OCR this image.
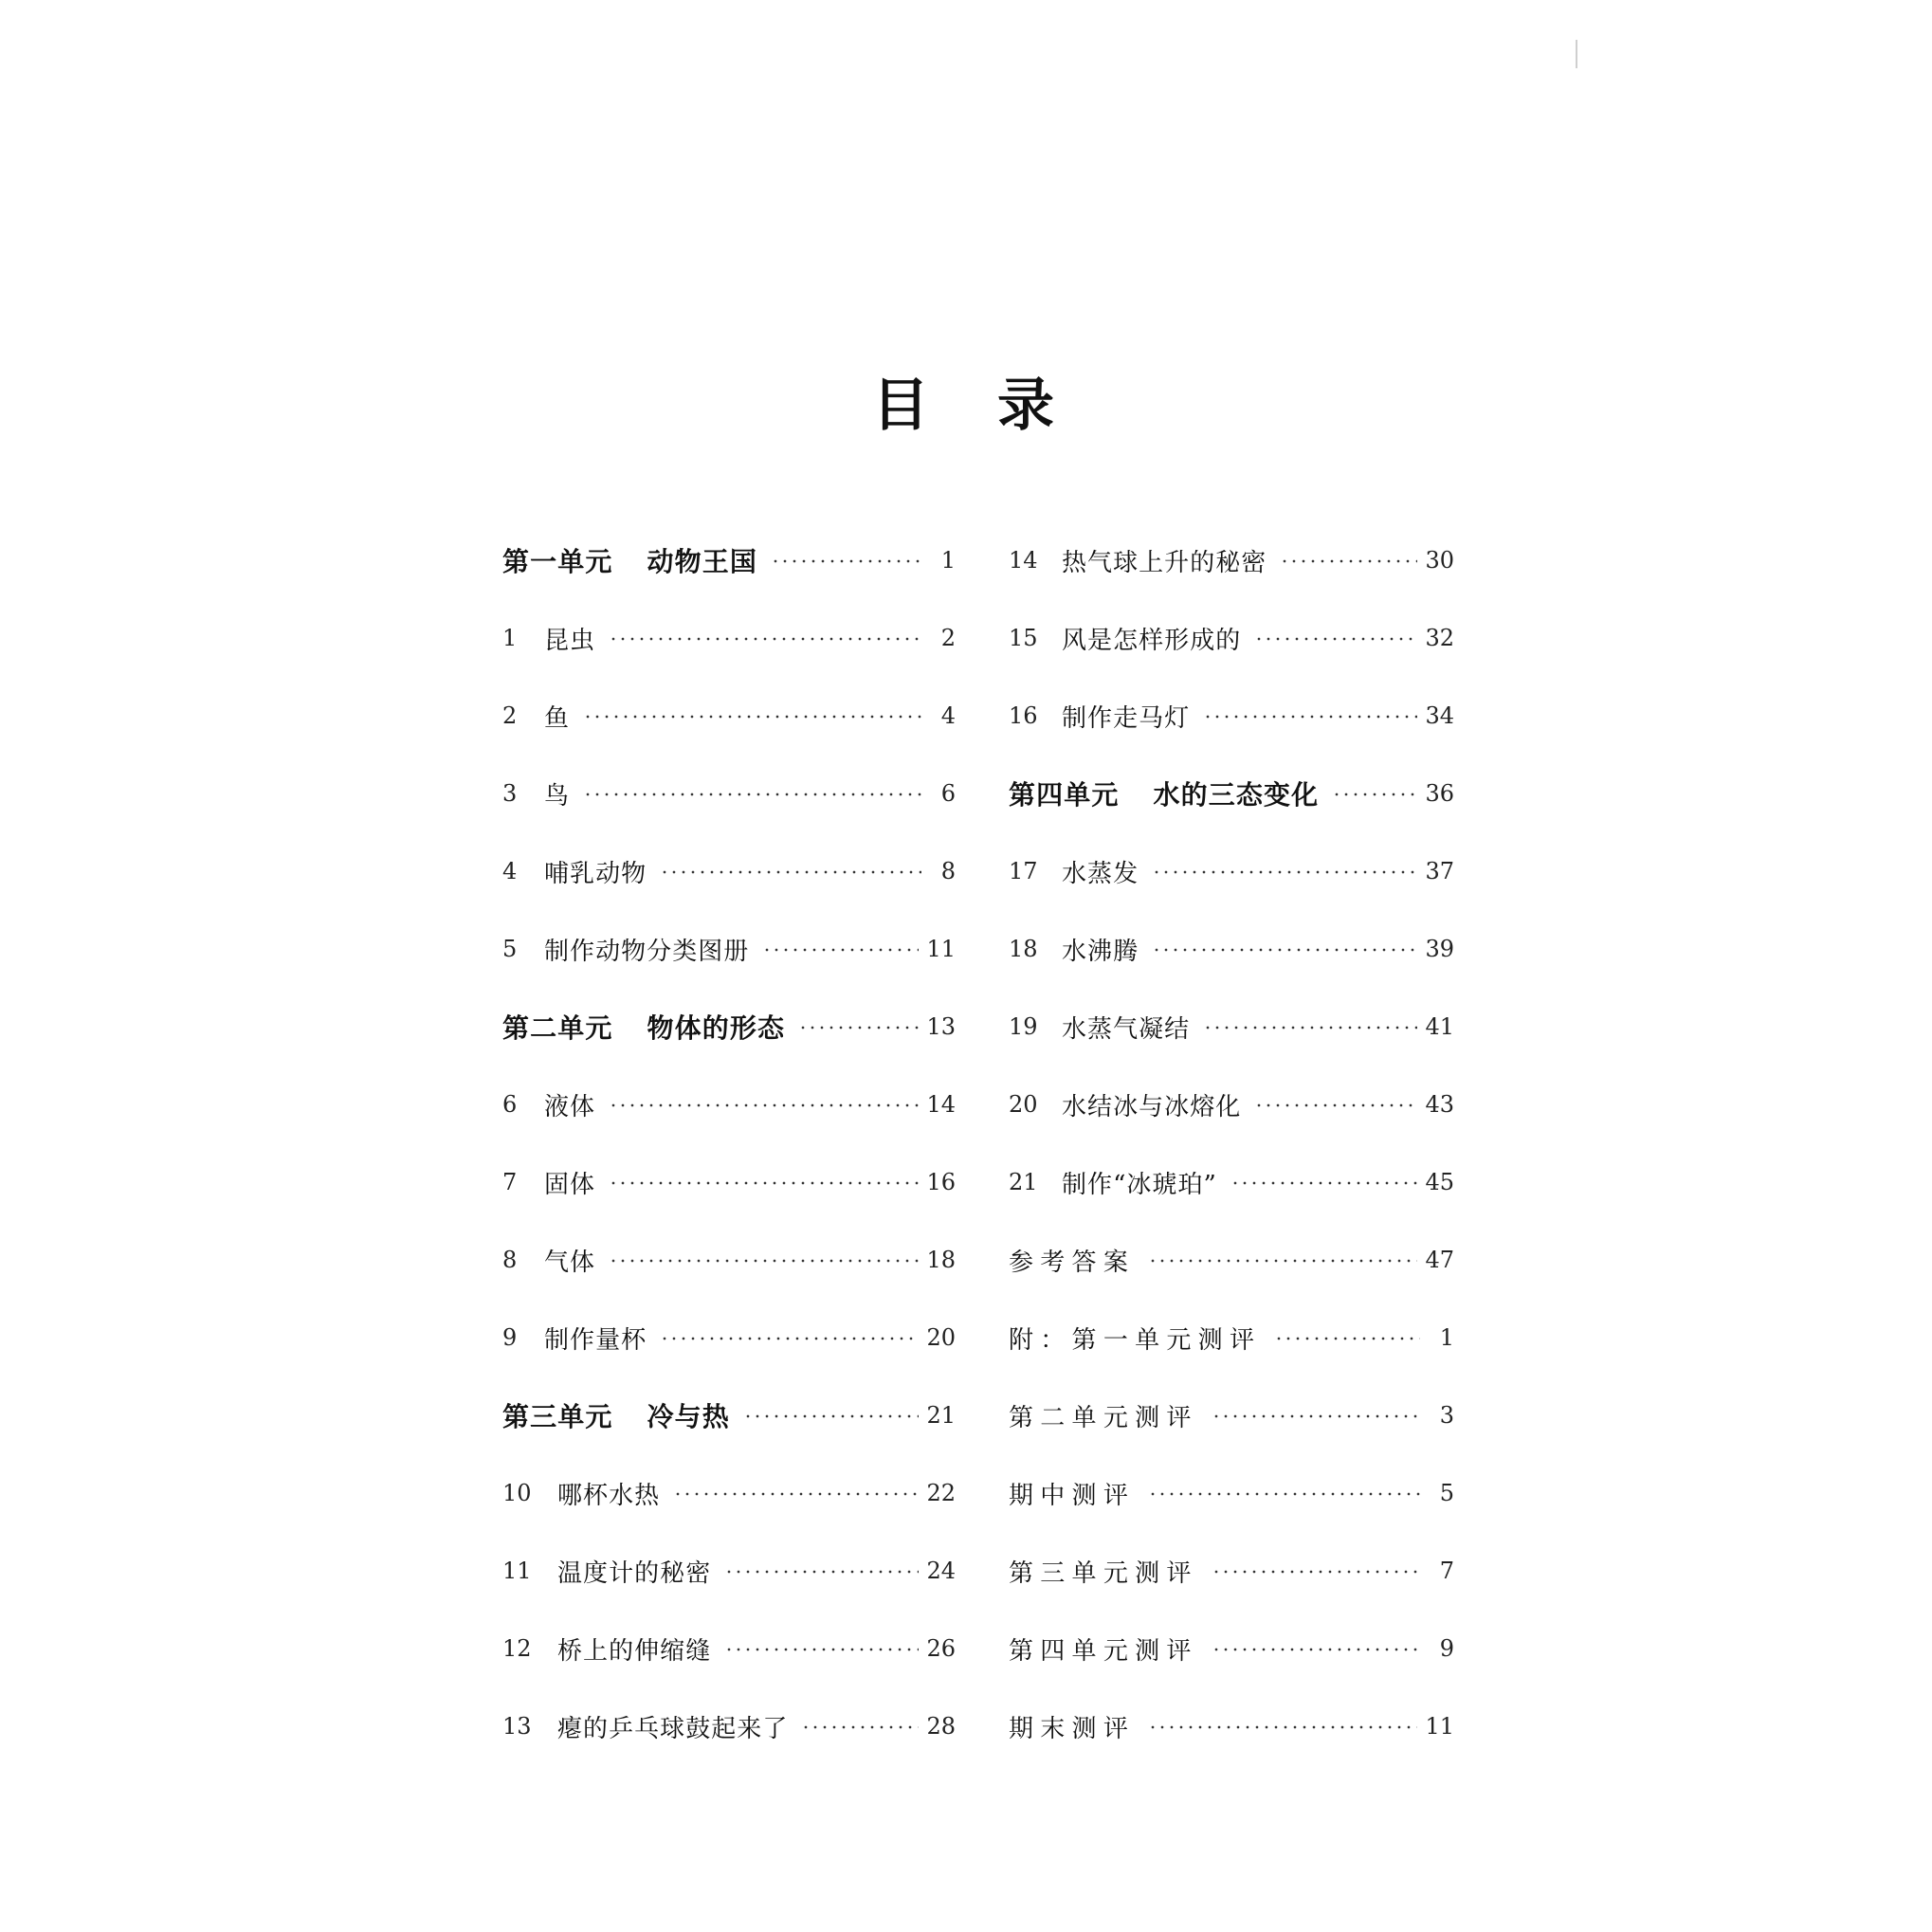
目　录
第一单元 动物王国	1
1	昆虫	2
2	鱼	4
3	鸟	6
4	哺乳动物	8
5	制作动物分类图册	11
第二单元 物体的形态	13
6	液体	14
7	固体	16
8	气体	18
9	制作量杯	20
第三单元 冷与热	21
10	哪杯水热	22
11	温度计的秘密	24
12	桥上的伸缩缝	26
13	瘪的乒乓球鼓起来了	28
14 热气球上升的秘密	30
15 风是怎样形成的	32
16 制作走马灯	34
第四单元 水的三态变化	36
17 水蒸发	37
18 水沸腾	39
19 水蒸气凝结	41
20 水结冰与冰熔化	43
21 制作“冰琥珀”	45
参考答案	47
附：第一单元测评	1
第二单元测评	3
期中测评	5
第三单元测评	7
第四单元测评	9
期末测评	11
